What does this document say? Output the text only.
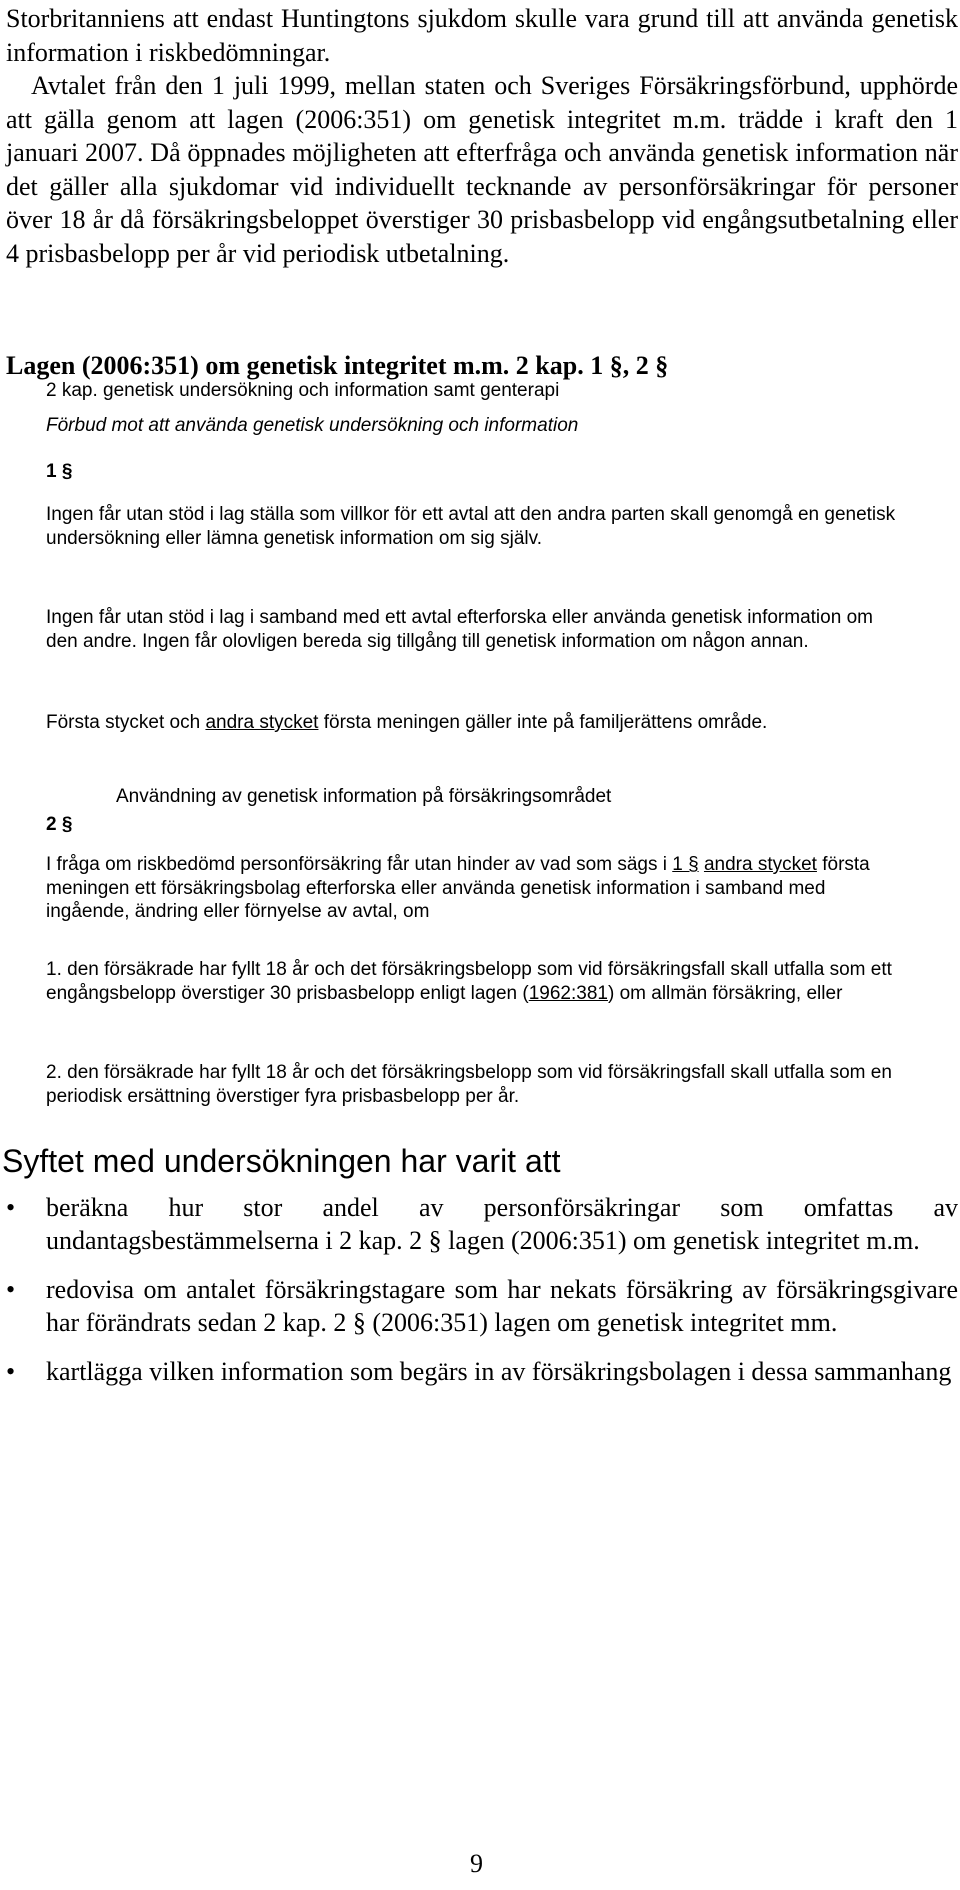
Storbritanniens att endast Huntingtons sjukdom skulle vara grund till att använda genetisk information i riskbedömningar.

Avtalet från den 1 juli 1999, mellan staten och Sveriges Försäkringsförbund, upphörde att gälla genom att lagen (2006:351) om genetisk integritet m.m. trädde i kraft den 1 januari 2007. Då öppnades möjligheten att efterfråga och använda genetisk information när det gäller alla sjukdomar vid individuellt tecknande av personförsäkringar för personer över 18 år då försäkringsbeloppet överstiger 30 prisbasbelopp vid engångsutbetalning eller 4 prisbasbelopp per år vid periodisk utbetalning.

Lagen (2006:351) om genetisk integritet m.m. 2 kap. 1 §, 2 §
2 kap. genetisk undersökning och information samt genterapi
Förbud mot att använda genetisk undersökning och information
1 §

Ingen får utan stöd i lag ställa som villkor för ett avtal att den andra parten skall genomgå en genetisk undersökning eller lämna genetisk information om sig själv.

Ingen får utan stöd i lag i samband med ett avtal efterforska eller använda genetisk information om den andre. Ingen får olovligen bereda sig tillgång till genetisk information om någon annan.

Första stycket och andra stycket första meningen gäller inte på familjerättens område.

Användning av genetisk information på försäkringsområdet
2 §

I fråga om riskbedömd personförsäkring får utan hinder av vad som sägs i 1 § andra stycket första meningen ett försäkringsbolag efterforska eller använda genetisk information i samband med ingående, ändring eller förnyelse av avtal, om

1. den försäkrade har fyllt 18 år och det försäkringsbelopp som vid försäkringsfall skall utfalla som ett engångsbelopp överstiger 30 prisbasbelopp enligt lagen (1962:381) om allmän försäkring, eller

2. den försäkrade har fyllt 18 år och det försäkringsbelopp som vid försäkringsfall skall utfalla som en periodisk ersättning överstiger fyra prisbasbelopp per år.

Syftet med undersökningen har varit att
• beräkna hur stor andel av personförsäkringar som omfattas av undantagsbestämmelserna i 2 kap. 2 § lagen (2006:351) om genetisk integritet m.m.
• redovisa om antalet försäkringstagare som har nekats försäkring av försäkringsgivare har förändrats sedan 2 kap. 2 § (2006:351) lagen om genetisk integritet mm.
• kartlägga vilken information som begärs in av försäkringsbolagen i dessa sammanhang
9
